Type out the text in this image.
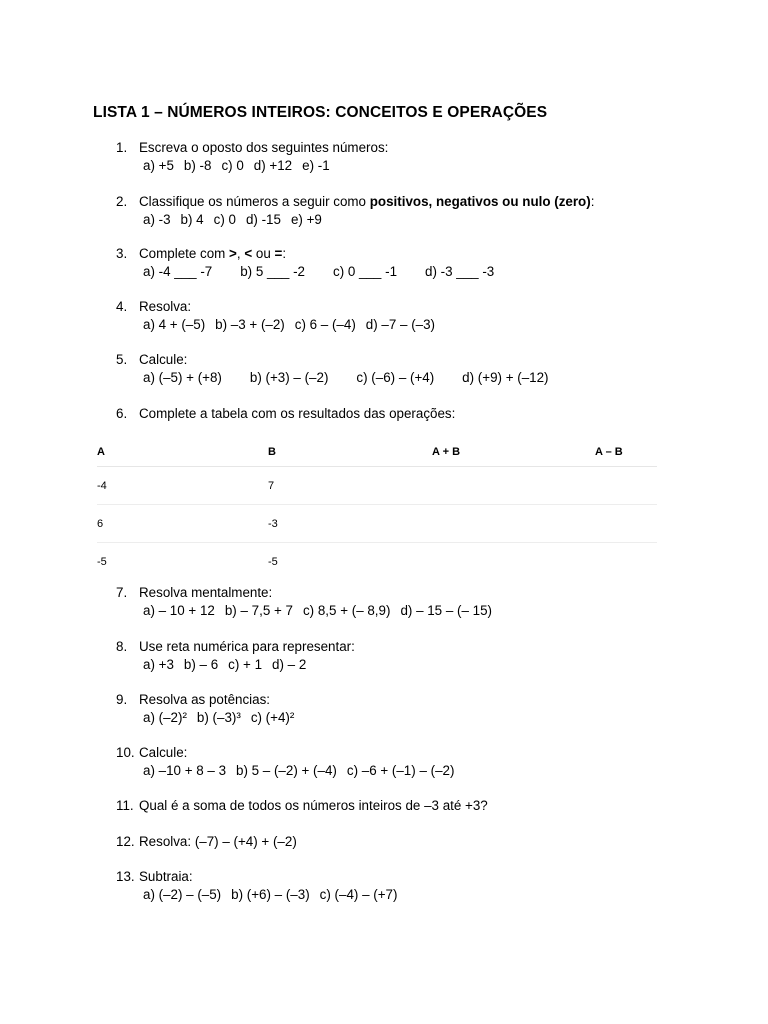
LISTA 1 – NÚMEROS INTEIROS: CONCEITOS E OPERAÇÕES
1. Escreva o oposto dos seguintes números:
a) +5 b) -8 c) 0 d) +12 e) -1
2. Classifique os números a seguir como positivos, negativos ou nulo (zero):
a) -3 b) 4 c) 0 d) -15 e) +9
3. Complete com >, < ou =:
a) -4 ___ -7 b) 5 ___ -2 c) 0 ___ -1 d) -3 ___ -3
4. Resolva:
a) 4 + (–5) b) –3 + (–2) c) 6 – (–4) d) –7 – (–3)
5. Calcule:
a) (–5) + (+8) b) (+3) – (–2) c) (–6) – (+4) d) (+9) + (–12)
6. Complete a tabela com os resultados das operações:
A	B	A + B	A – B
-4	7
6	-3
-5	-5
7. Resolva mentalmente:
a) – 10 + 12 b) – 7,5 + 7 c) 8,5 + (– 8,9) d) – 15 – (– 15)
8. Use reta numérica para representar:
a) +3 b) – 6 c) + 1 d) – 2
9. Resolva as potências:
a) (–2)² b) (–3)³ c) (+4)²
10. Calcule:
a) –10 + 8 – 3 b) 5 – (–2) + (–4) c) –6 + (–1) – (–2)
11. Qual é a soma de todos os números inteiros de –3 até +3?
12. Resolva: (–7) – (+4) + (–2)
13. Subtraia:
a) (–2) – (–5) b) (+6) – (–3) c) (–4) – (+7)
